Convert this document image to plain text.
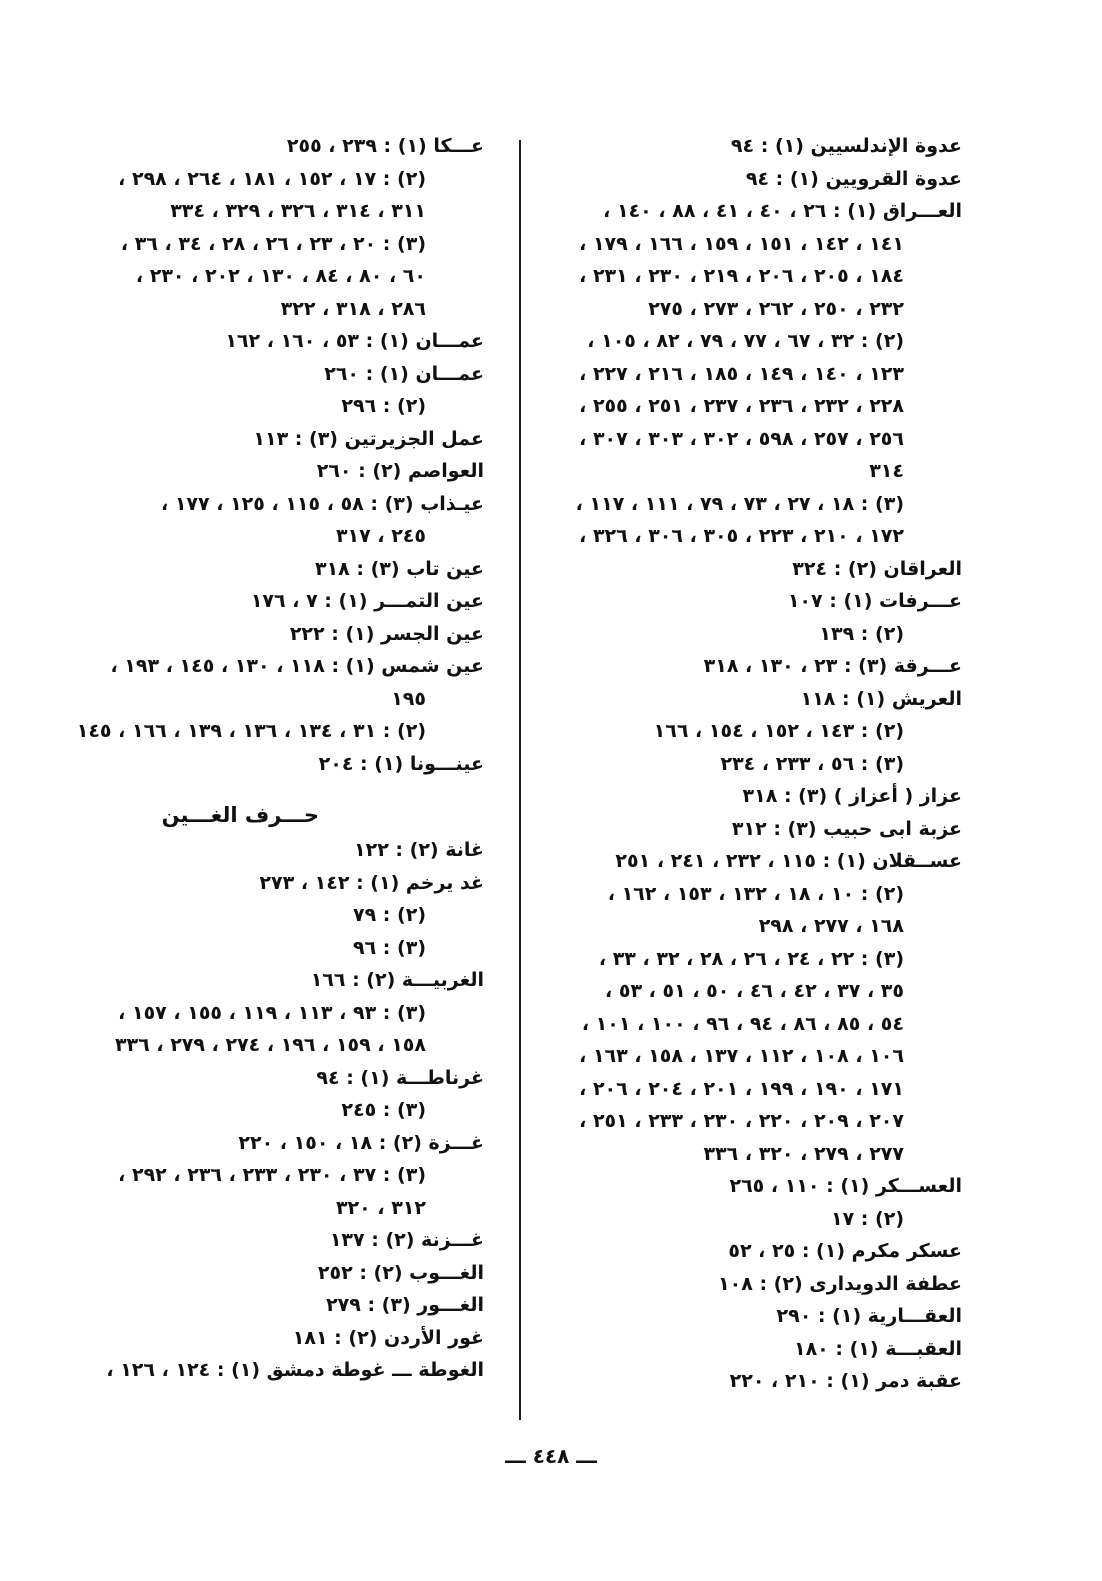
عدوة الإندلسيين (١) : ٩٤
عدوة القرويين (١) : ٩٤
العـــراق (١) : ٢٦ ، ٤٠ ، ٤١ ، ٨٨ ، ١٤٠ ،
١٤١ ، ١٤٢ ، ١٥١ ، ١٥٩ ، ١٦٦ ، ١٧٩ ،
١٨٤ ، ٢٠٥ ، ٢٠٦ ، ٢١٩ ، ٢٣٠ ، ٢٣١ ،
٢٣٢ ، ٢٥٠ ، ٢٦٢ ، ٢٧٣ ، ٢٧٥
(٢) : ٣٢ ، ٦٧ ، ٧٧ ، ٧٩ ، ٨٢ ، ١٠٥ ،
١٢٣ ، ١٤٠ ، ١٤٩ ، ١٨٥ ، ٢١٦ ، ٢٢٧ ،
٢٢٨ ، ٢٣٢ ، ٢٣٦ ، ٢٣٧ ، ٢٥١ ، ٢٥٥ ،
٢٥٦ ، ٢٥٧ ، ٥٩٨ ، ٣٠٢ ، ٣٠٣ ، ٣٠٧ ،
٣١٤
(٣) : ١٨ ، ٢٧ ، ٧٣ ، ٧٩ ، ١١١ ، ١١٧ ،
١٧٢ ، ٢١٠ ، ٢٢٣ ، ٣٠٥ ، ٣٠٦ ، ٣٢٦ ،
العراقان (٢) : ٣٢٤
عـــرفات (١) : ١٠٧
(٢) : ١٣٩
عـــرقة (٣) : ٢٣ ، ١٣٠ ، ٣١٨
العريش (١) : ١١٨
(٢) : ١٤٣ ، ١٥٢ ، ١٥٤ ، ١٦٦
(٣) : ٥٦ ، ٢٣٣ ، ٢٣٤
عزاز ( أعزاز ) (٣) : ٣١٨
عزبة ابى حبيب (٣) : ٣١٢
عســقلان (١) : ١١٥ ، ٢٣٢ ، ٢٤١ ، ٢٥١
(٢) : ١٠ ، ١٨ ، ١٣٢ ، ١٥٣ ، ١٦٢ ،
١٦٨ ، ٢٧٧ ، ٢٩٨
(٣) : ٢٢ ، ٢٤ ، ٢٦ ، ٢٨ ، ٣٢ ، ٣٣ ،
٣٥ ، ٣٧ ، ٤٢ ، ٤٦ ، ٥٠ ، ٥١ ، ٥٣ ،
٥٤ ، ٨٥ ، ٨٦ ، ٩٤ ، ٩٦ ، ١٠٠ ، ١٠١ ،
١٠٦ ، ١٠٨ ، ١١٢ ، ١٣٧ ، ١٥٨ ، ١٦٣ ،
١٧١ ، ١٩٠ ، ١٩٩ ، ٢٠١ ، ٢٠٤ ، ٢٠٦ ،
٢٠٧ ، ٢٠٩ ، ٢٢٠ ، ٢٣٠ ، ٢٣٣ ، ٢٥١ ،
٢٧٧ ، ٢٧٩ ، ٣٢٠ ، ٣٣٦
العســـكر (١) : ١١٠ ، ٢٦٥
(٢) : ١٧
عسكر مكرم (١) : ٢٥ ، ٥٢
عطفة الدويدارى (٢) : ١٠٨
العقـــارية (١) : ٢٩٠
العقبـــة (١) : ١٨٠
عقبة دمر (١) : ٢١٠ ، ٢٢٠
عـــكا (١) : ٢٣٩ ، ٢٥٥
(٢) : ١٧ ، ١٥٢ ، ١٨١ ، ٢٦٤ ، ٢٩٨ ،
٣١١ ، ٣١٤ ، ٣٢٦ ، ٣٢٩ ، ٣٣٤
(٣) : ٢٠ ، ٢٣ ، ٢٦ ، ٢٨ ، ٣٤ ، ٣٦ ،
٦٠ ، ٨٠ ، ٨٤ ، ١٣٠ ، ٢٠٢ ، ٢٣٠ ،
٢٨٦ ، ٣١٨ ، ٣٢٢
عمـــان (١) : ٥٣ ، ١٦٠ ، ١٦٢
عمـــان (١) : ٢٦٠
(٢) : ٢٩٦
عمل الجزيرتين (٣) : ١١٣
العواصم (٢) : ٢٦٠
عيـذاب (٣) : ٥٨ ، ١١٥ ، ١٢٥ ، ١٧٧ ،
٢٤٥ ، ٣١٧
عين تاب (٣) : ٣١٨
عين التمـــر (١) : ٧ ، ١٧٦
عين الجسر (١) : ٢٢٢
عين شمس (١) : ١١٨ ، ١٣٠ ، ١٤٥ ، ١٩٣ ،
١٩٥
(٢) : ٣١ ، ١٣٤ ، ١٣٦ ، ١٣٩ ، ١٦٦ ، ١٤٥
عينـــونا (١) : ٢٠٤
حـــرف الغـــين
غانة (٢) : ١٢٢
غد يرخم (١) : ١٤٢ ، ٢٧٣
(٢) : ٧٩
(٣) : ٩٦
الغربيـــة (٢) : ١٦٦
(٣) : ٩٣ ، ١١٣ ، ١١٩ ، ١٥٥ ، ١٥٧ ،
١٥٨ ، ١٥٩ ، ١٩٦ ، ٢٧٤ ، ٢٧٩ ، ٣٣٦
غرناطـــة (١) : ٩٤
(٣) : ٢٤٥
غـــزة (٢) : ١٨ ، ١٥٠ ، ٢٢٠
(٣) : ٣٧ ، ٢٣٠ ، ٢٣٣ ، ٢٣٦ ، ٢٩٢ ،
٣١٢ ، ٣٢٠
غـــزنة (٢) : ١٣٧
الغـــوب (٢) : ٢٥٢
الغـــور (٣) : ٢٧٩
غور الأردن (٢) : ١٨١
الغوطة ـــ غوطة دمشق (١) : ١٢٤ ، ١٢٦ ،
ـــ ٤٤٨ ـــ
